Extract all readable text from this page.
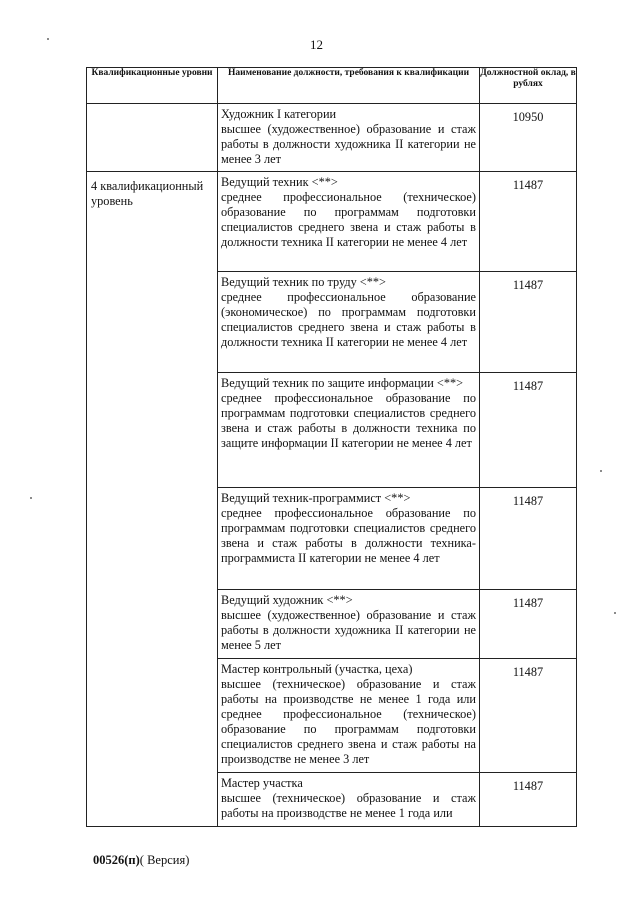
12
Квалификационные уровни	Наименование должности, требования к квалификации	Должностной оклад, в рублях

	Художник I категории
высшее (художественное) образование и стаж работы в должности художника II категории не менее 3 лет	10950

4 квалификационный уровень	Ведущий техник <**>
среднее профессиональное (техническое) образование по программам подготовки специалистов среднего звена и стаж работы в должности техника II категории не менее 4 лет	11487

	Ведущий техник по труду <**>
среднее профессиональное образование (экономическое) по программам подготовки специалистов среднего звена и стаж работы в должности техника II категории не менее 4 лет	11487

	Ведущий техник по защите информации <**>
среднее профессиональное образование по программам подготовки специалистов среднего звена и стаж работы в должности техника по защите информации II категории не менее 4 лет	11487

	Ведущий техник-программист <**>
среднее профессиональное образование по программам подготовки специалистов среднего звена и стаж работы в должности техника-программиста II категории не менее 4 лет	11487

	Ведущий художник <**>
высшее (художественное) образование и стаж работы в должности художника II категории не менее 5 лет	11487

	Мастер контрольный (участка, цеха)
высшее (техническое) образование и стаж работы на производстве не менее 1 года или среднее профессиональное (техническое) образование по программам подготовки специалистов среднего звена и стаж работы на производстве не менее 3 лет	11487

	Мастер участка
высшее (техническое) образование и стаж работы на производстве не менее 1 года или	11487
00526(п)( Версия)
